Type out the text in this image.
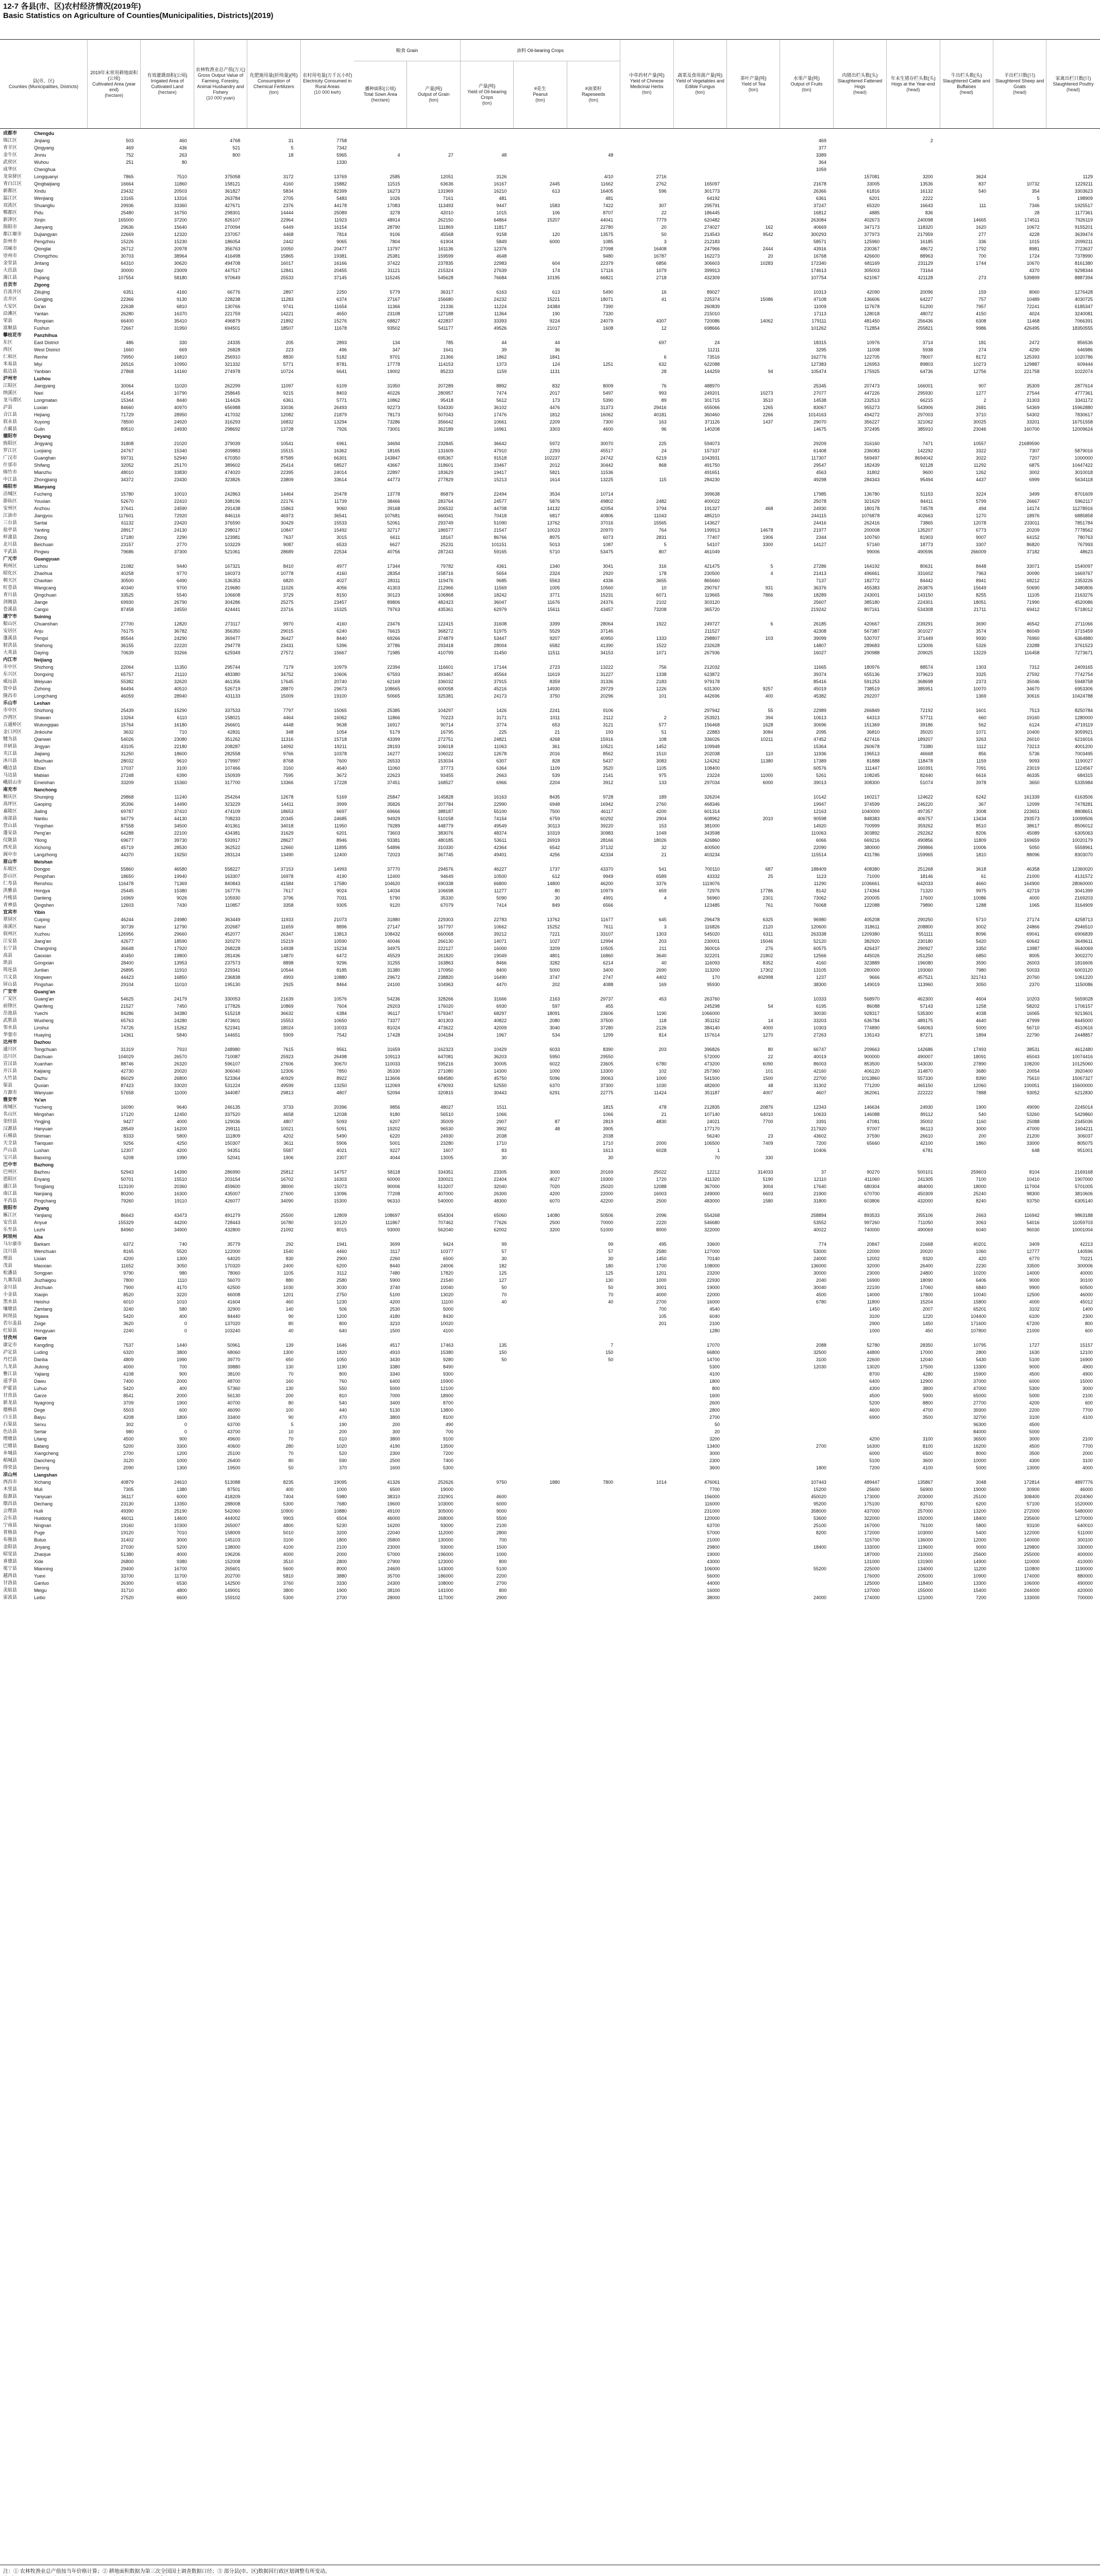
12-7 各县(市、区)农村经济情况(2019年)
Basic Statistics on Agriculture of Counties(Municipalities, Districts)(2019)
县(市、区)
Counties (Municipalities, Districts)
2019年末常用耕地面积(公顷)
Cultivated Area (year end)
(hectare)
有效灌溉面积(公顷)
Irrigated Area of Cultivated Land
(hectare)
农林牧渔业总产值(万元)
Gross Output Value of Farming, Forestry, Animal Husbandry and Fishery
(10 000 yuan)
化肥施用量(折纯量)(吨)
Consumption of Chemical Fertilizers
(ton)
农村用电量(万千瓦小时)
Electricity Consumed in Rural Areas
(10 000 kwh)
粮食 Grain
播种面积(公顷)
Total Sown Area
(hectare)
产量(吨)
Output of Grain
(ton)
油料 Oil-bearing Crops
产量(吨)
Yield of Oil-bearing Crops
(ton)
#花生
Peanut
(ton)
#油菜籽
Rapeseeds
(ton)
中草药材产量(吨)
Yield of Chinese Medicinal Herbs
(ton)
蔬菜及食用菌产量(吨)
Yield of Vegetables and Edible Fungus
(ton)
茶叶产量(吨)
Yield of Tea
(ton)
水果产量(吨)
Output of Fruits
(ton)
肉猪出栏头数(头)
Slaughtered Fattened Hogs
(head)
年末生猪存栏头数(头)
Hogs at the Year-end
(head)
牛出栏头数(头)
Slaughtered Cattle and Buffaloes
(head)
羊出栏只数(只)
Slaughtered Sheep and Goats
(head)
家禽出栏只数(只)
Slaughtered Poultry
(head)
成都市	Chengdu
锦江区	Jinjiang	503	460	4768	31	7758	469	2
青羊区	Qingyang	469	436	521	5	7342	377
金牛区	Jinniu	752	263	800	18	5965	4	27	48	48	3389
武侯区	Wuhou	251	80	1330	364
成华区	Chenghua	1059
龙泉驿区	Longquanyi	7865	7510	375058	3172	13769	2585	12051	3126	4/10	2716	157081	3200	3624	1129
青白江区	Qingbaijiang	16664	11860	158121	4160	15882	11515	63636	16167	2445	11662	2762	165097	21678	33005	13536	837	10732	1229211
新都区	Xindu	23432	20503	361827	5834	82399	16273	131969	16210	613	16405	596	301773	26366	61816	16132	540	354	3303623
温江区	Wenjiang	13165	13316	263784	2705	5483	1026	7161	481	481	64192	6361	6201	2222	5	198909
双流区	Shuangliu	29936	33360	427671	2376	44178	17083	113493	9447	1583	7422	307	295791	37247	65320	16643	111	7346	1925517
郫都区	Pidu	25480	16750	298301	14444	25089	3278	42010	1015	106	8707	22	186445	16812	4885	836	28	1177361
新津区	Xinjin	165000	37200	826107	22964	11923	48914	262150	64864	15207	44041	7779	620482	263084	402673	240098	14665	174511	7926119
简阳市	Jianyang	29636	15640	270094	6449	16154	28790	111869	11817	22780	20	274027	162	40669	347173	118320	1620	10672	9155201
都江堰市	Dujiangyan	22669	12320	237057	4468	7814	9106	45568	9158	120	13575	50	214543	9542	300293	377973	217959	277	4228	3639474
彭州市	Pengzhou	15226	15230	186054	2442	9065	7804	61904	5849	6000	1085	3	212183	58571	125960	16185	336	1015	2099211
邛崃市	Qionglai	26712	20978	356763	10050	20477	13797	161136	12376	27098	16408	247966	2444	43916	230367	48672	1792	8981	7723637
崇州市	Chongzhou	30703	38964	416498	15865	19381	25381	159599	4648	9480	16787	162273	20	16768	426600	88963	700	1724	7378990
金堂县	Jintang	64310	30620	494708	16017	16166	37422	237835	22983	604	22379	6856	306603	10283	172340	681169	231129	1744	10670	8161380
大邑县	Dayi	30000	23009	447517	12841	20455	31121	215324	27639	174	17116	1079	399913	174613	305003	73164	4370	9298344
蒲江县	Pujiang	107554	58180	970649	25533	37145	115245	545628	76684	10195	66821	2718	432309	107754	621067	421128	273	539899	8887394
自贡市	Zigong
自流井区	Ziliujing	6351	4160	66776	2897	2250	5779	36317	6163	613	5490	16	89027	10313	42090	20096	159	8060	1276428
贡井区	Gongjing	22366	9130	228238	11283	6374	27167	156680	24232	15221	18071	41	225374	15086	47108	136606	64227	757	10489	4030725
大安区	Da'an	22638	6810	130766	9741	11654	11366	21336	11224	24384	7390	260839	11009	117678	51200	7957	72241	6185347
沿滩区	Yantan	26280	16370	221759	14221	4650	23108	127188	11364	190	7330	215010	17113	128018	48072	4150	4024	3240081
荣县	Rongxian	66400	35410	496879	21892	15276	68827	422837	33393	9224	24079	4307	720086	14062	179111	481450	256436	6308	11468	7066391
富顺县	Fushun	72667	31950	694501	18507	11678	93502	541177	49526	21017	1608	12	698666	101262	712854	255821	9986	426495	18350555
攀枝花市	Panzhihua
东区	East District	486	330	24335	205	2893	134	785	44	44	697	24	18315	10976	3714	181	2472	856536
西区	West District	1660	669	26828	223	496	347	1641	39	36	11211	3295	11008	5938	274	4290	646986
仁和区	Renhe	79950	16810	256910	8830	5182	9701	21366	1862	1841	6	73516	162776	122705	78007	8172	125393	1020786
米易县	Miyi	26516	10950	321332	5771	8781	17778	114153	1373	124	1251	632	622088	127383	126953	89803	10273	129887	609444
盐边县	Yanbian	27868	14160	274978	10724	6641	19002	85233	1159	1131	28	144259	94	105474	175925	64736	12756	221758	1022074
泸州市	Luzhou
江阳区	Jiangyang	30064	11020	262299	11097	6109	31950	207289	8892	832	8009	76	488970	25345	207473	166001	907	35309	2877614
纳溪区	Naxi	41454	10790	258645	9215	8403	40226	280957	7474	2017	5497	993	249201	10273	27077	447226	295930	1277	27544	4777361
龙马潭区	Longmatan	15344	8440	114426	6361	5771	10862	95418	5612	173	5390	89	301715	3510	14538	232513	66215	2	31303	3341172
泸县	Luxian	84660	40970	656988	33036	26493	92273	534330	36102	4476	31373	29416	655066	1265	83067	955273	543906	2681	54369	15962880
合江县	Hejiang	71729	28950	417032	12082	21879	78173	507043	17476	1812	16062	40181	360460	2266	1014163	494272	297003	3710	54302	7830617
叙永县	Xuyong	78500	24920	316293	16832	13294	73286	356642	10661	2209	7300	163	371126	1437	29070	356227	321062	30025	33201	16751558
古蔺县	Gulin	89510	24930	298692	13728	7926	73001	362189	16961	3303	4600	96	140208	14675	372495	385910	23046	160700	12009624
德阳市	Deyang
旌阳区	Jingyang	31808	21020	379039	10541	6961	34694	232845	36642	5972	30070	225	594073	29209	316160	7471	10557	21689590
罗江区	Luojiang	24767	15340	209883	15515	16362	18165	131609	47910	2293	45517	24	157337	61408	236083	142292	3322	7307	5879016
广汉市	Guanghan	59731	52940	670350	87589	66301	143847	695367	91518	102237	24742	6219	1043931	117307	569497	8694042	3022	7207	1000000
什邡市	Shifang	32052	25170	389602	25414	58527	43667	318601	33467	2012	30442	868	491750	29547	182439	92128	11292	6875	10447422
绵竹市	Mianzhu	48010	33830	474020	22395	24014	22897	183629	19417	5821	11536	491651	4563	31802	9600	1262	3002	3010018
中江县	Zhongjiang	34372	23430	323826	23809	33614	44773	277829	15213	1614	13225	115	284230	49298	284343	95494	4437	6999	5634118
绵阳市	Mianyang
涪城区	Fucheng	15780	10010	242863	14464	20478	13778	86879	22494	3534	10714	399638	17985	136780	51153	3224	3499	8701609
游仙区	Youxian	52670	22410	338196	22176	11739	38466	283764	24577	5876	49802	2482	400022	25078	321629	84411	5799	26667	5962117
安州区	Anzhou	37641	24590	291438	15863	9060	39168	206532	44708	14132	42054	3794	191327	468	24930	180178	74578	494	14174	11278916
江油市	Jiangyou	117601	72920	846116	46973	36541	107681	660041	70418	6817	40806	11043	485210	244115	1076878	402663	1270	18976	6885858
三台县	Santai	61132	23420	376590	30429	15533	52061	293749	51090	13762	37016	15565	143627	24416	262416	73865	12078	233011	7851784
盐亭县	Yanting	28917	24130	298017	10847	15492	32717	186577	21547	10023	20970	764	199913	14678	21977	200008	135207	6773	20209	7778562
梓潼县	Zitong	17180	2290	123981	7637	3015	6611	18167	86766	8975	6073	2831	77407	1906	2344	100760	81903	9007	64152	780763
北川县	Beichuan	23157	2770	103229	9087	6533	6627	25231	101151	5013	1087	5	54107	3300	14127	57160	18773	3307	86820	767993
平武县	Pingwu	79686	37300	521061	28689	22534	40756	287243	59165	5710	53475	807	461049	99006	490596	266009	37182	48623
广元市	Guangyuan
利州区	Lizhou	21082	9440	167321	8410	4977	17344	79782	4361	1340	3041	316	421475	5	27286	164192	80631	8448	33071	1540097
昭化区	Zhaohua	40258	9770	160373	10778	4160	28354	158716	5654	2324	2920	178	230500	4	21413	496661	331602	7963	30090	1669767
朝天区	Chaotian	30500	6490	136353	6820	4027	28311	119476	9685	5563	4336	3655	865660	7137	182772	84442	8941	68212	2353226
旺苍县	Wangcang	40340	9700	219680	11026	4056	41303	212966	11569	1005	10560	10	290767	931	36376	455383	263876	15649	50690	3480806
青川县	Qingchuan	33525	5540	106608	3729	8150	30123	106868	18242	3771	15231	6071	119665	7866	18289	243001	143150	8255	11105	2163276
剑阁县	Jiange	69930	26790	304286	25275	23457	89806	482423	36047	11676	24376	2102	303120	25607	385180	224301	18051	71990	4520086
苍溪县	Cangxi	87458	24550	424441	23716	15325	79763	435361	62979	15611	43457	73208	365720	219242	807161	534308	21711	69412	5718012
遂宁市	Suining
船山区	Chuanshan	27700	12820	273117	9970	4160	23476	122415	31608	3399	28064	1922	249727	6	26185	420667	239291	3690	46542	2711066
安居区	Anju	76175	36782	356350	29015	6240	76615	368272	51975	5529	37146	211527	42308	567387	301027	3574	86049	3715459
蓬溪县	Pengxi	85544	24290	369477	36427	8440	69266	374879	53447	9207	40950	1333	298807	103	39099	530707	371449	9930	76960	6364880
射洪县	Shehong	36155	22220	294778	23431	5396	37786	293418	28004	6582	41390	1522	232628	14807	289683	123006	5326	23288	3761523
大英县	Daying	70639	33266	629349	27572	15667	71985	410799	31450	11511	34153	1071	267936	16027	290988	209025	13229	116458	7273671
内江市	Neijiang
市中区	Shizhong	22064	11350	295744	7179	10979	22394	116601	17144	2723	13222	756	212032	11665	180976	88574	1303	7312	2409165
东兴区	Dongxing	65757	21110	483380	34752	10606	67593	393467	45564	11619	31227	1338	623872	39374	655136	379623	3325	27592	7742754
威远县	Weiyuan	55382	32620	461356	17645	20740	62169	336032	37915	8359	31336	2183	979178	85416	591253	368698	2373	35046	5948758
资中县	Zizhong	84494	40510	526719	28870	29673	108665	600058	45216	14930	29729	1226	631300	9257	45019	738519	385951	10070	34670	6953306
隆昌市	Longchang	46059	28940	431133	15009	19100	50665	325381	24173	3750	20296	101	442696	400	45382	292207	1369	30616	10424788
乐山市	Leshan
市中区	Shizhong	25439	15290	337533	7797	15065	25385	104297	1426	2241	9106	297942	55	22989	266849	72192	1601	7513	8250784
沙湾区	Shawan	13264	6110	158021	4464	16062	11866	70223	3171	1011	2112	2	253921	394	10613	64313	57711	660	19160	1280000
五通桥区	Wutongqiao	15764	16180	266601	4448	9638	16917	90714	3774	653	3121	577	156468	1628	30696	151369	39186	562	6124	4719119
金口河区	Jinkouhe	3632	710	42831	348	1054	5179	16795	225	21	193	51	22883	3084	2095	36810	35020	1071	10400	3059921
犍为县	Qianwei	54026	23080	351262	11316	15718	43399	272751	24821	4268	15916	108	336026	10211	47452	427416	189207	3263	26010	6216016
井研县	Jingyan	43105	22180	208287	14092	19211	28193	106018	11063	361	10521	1452	109948	15364	260678	73380	1112	73213	4001200
夹江县	Jiajiang	31250	18600	282558	9766	10378	16277	106022	12678	2016	8562	1510	202038	110	11936	196513	46668	856	5736	7003495
沐川县	Muchuan	28032	9610	179997	8768	7600	26533	153034	6307	828	5437	3083	124262	11380	17389	81888	118478	1159	9093	1190027
峨边县	Ebian	17037	3100	107466	3160	4640	11060	37773	6364	1109	3520	1105	108400	60576	111447	160391	7091	23019	1224567
马边县	Mabian	27248	6390	150939	7595	3672	22623	93455	2663	539	2141	975	23224	11000	5261	108245	82440	6616	46335	684315
峨眉山市	Emeishan	33209	15360	317700	13366	17228	37451	168527	6966	2204	3912	133	297034	6000	39013	308300	51074	3978	3650	5335984
南充市	Nanchong
顺庆区	Shunqing	29868	11240	254264	12678	5169	25847	145828	16163	8435	9728	189	326204	10142	160217	124622	6242	161339	6163506
高坪区	Gaoping	35396	14490	323229	14411	3999	35826	207784	22990	6948	16942	2760	468346	19947	374599	246220	367	12099	7478281
嘉陵区	Jialing	69787	37410	474109	18653	6697	69666	388187	55100	7500	46117	4200	601314	12163	1040000	497357	3008	223651	8808651
南部县	Nanbu	94779	44130	708233	20345	24685	94929	510158	74154	6759	60292	2904	608962	2010	90598	848383	406757	13434	293573	10099506
营山县	Yingshan	87558	34500	401361	34018	11950	79289	448779	49549	30113	39220	153	381000	14920	700999	359262	8510	38617	8506012
蓬安县	Peng'an	64288	22100	434381	31629	6201	73603	383076	48374	10319	30983	1049	343598	110063	303892	292262	8206	45089	6305063
仪陇县	Yilong	69677	39730	593917	28627	8946	93381	480185	53611	26919	28166	18026	426860	6066	669216	490856	11809	169659	10020179
西充县	Xichong	45719	28530	362522	12660	11895	54896	310330	42364	6542	37132	32	400500	22090	380000	299866	10006	5050	5558961
阆中市	Langzhong	44370	19250	283124	13490	12400	72023	367745	49401	4256	42334	21	403234	115514	431786	159965	1810	88096	8303070
眉山市	Meishan
东坡区	Dongpo	55860	46580	558227	37153	14993	37770	294576	46227	1737	43370	541	700110	687	188409	408380	251268	3618	46358	12360020
彭山区	Pengshan	18650	19940	163307	16978	4190	12400	94649	10500	612	9949	6589	43332	25	1123	71000	18146	61	21000	4131572
仁寿县	Renshou	116478	71369	840843	41584	17580	104620	690338	66800	14800	46200	3376	1119076	11290	1036661	642033	4660	164900	28060000
洪雅县	Hongya	25445	15380	167776	7617	9024	14034	106698	11277	80	10979	659	72976	17786	8142	174364	71320	9975	42719	3041399
丹棱县	Danleng	16969	9026	105930	3796	7031	5790	35330	5090	30	4991	4	56960	2301	73062	200005	17600	10086	4000	2169203
青神县	Qingshen	12603	7430	110857	3358	9305	9120	67079	7414	849	6566	123485	761	76068	122088	79890	1288	1065	3164909
宜宾市	Yibin
翠屏区	Cuiping	46244	24980	363449	11933	21073	31880	229303	22783	13762	11677	645	296478	6325	96980	405208	290250	5710	27174	4258713
南溪区	Nanxi	30739	12790	202687	11659	8896	27147	167797	10662	15252	7611	3	116826	2120	120600	318611	208800	3002	24866	2946510
叙州区	Xuzhou	126956	29660	452077	26347	13813	108432	660068	39212	7221	33107	1303	545020	6311	263338	1209380	551111	8096	69041	6906839
江安县	Jiang'an	42677	18590	320270	15219	10590	40046	266130	14071	1027	12994	203	230001	15046	52120	382920	230180	5420	60642	3649611
长宁县	Changning	36648	17920	268228	14938	15234	34975	222127	16000	3209	10505	211	360016	276	60575	426437	290927	3350	13987	6640069
高县	Gaoxian	40450	19800	281436	14870	6472	45529	261820	19049	4801	16860	3640	322201	21802	12566	445026	251250	6850	8005	3002270
珙县	Gongxian	28400	13953	237573	8898	9296	31255	163863	8466	3282	6214	40	116093	8352	4160	323889	196080	3590	26003	1816606
筠连县	Junlian	26895	11910	229341	10544	8185	31380	170950	8400	5000	3400	2690	113200	17302	13105	280000	193060	7980	50033	6003120
兴文县	Xingwen	44423	16850	236838	4993	10880	29672	238820	16490	3747	2747	4402	170	402998	1237	9666	457521	321743	20760	1061220
屏山县	Pingshan	29104	11010	195130	2925	8464	24100	104963	4470	202	4088	169	95930	38300	149019	113960	3050	2370	1150086
广安市	Guang'an
广安区	Guang'an	54625	24179	330053	21639	10576	54236	328266	31666	2163	29737	453	263760	10333	568970	462300	4604	10203	5659028
前锋区	Qianfeng	21527	7450	177826	10869	7604	29203	176020	6930	597	455	245298	54	6195	86088	57143	1258	58202	1706157
岳池县	Yuechi	84286	34380	515218	36632	6384	96117	579347	68297	18091	23606	1190	1066000	30030	928317	535300	4038	16065	9213601
武胜县	Wusheng	65763	24280	473601	15553	10650	73377	401303	40822	2080	37500	118	351152	14	33203	636784	489175	4640	47999	8445000
邻水县	Linshui	74726	15262	521941	18024	10033	81024	473622	42009	3040	37280	2126	384140	4000	10303	774890	546063	5000	56710	4510616
华蓥市	Huaying	14361	5840	144651	5909	7542	17428	104184	1967	534	1299	814	157614	1270	27263	135143	87271	1894	22790	2448857
达州市	Dazhou
通川区	Tongchuan	31319	7910	248980	7615	9561	31659	162323	10429	6033	8390	203	396826	80	66747	209663	142686	17493	38531	4612480
达川区	Dachuan	104029	26570	710087	25923	26498	109113	647081	36203	5950	29550	572000	22	40019	900000	490007	18091	65043	10074416
宣汉县	Xuanhan	88746	26320	596107	27606	30670	110033	595216	30005	6022	23605	6780	473200	6090	86003	853500	543030	27890	108200	10125060
开江县	Kaijiang	42730	20020	306040	12306	7850	35330	271080	14300	1000	13300	102	257360	101	42160	406120	314870	3680	20054	3920400
大竹县	Dazhu	86029	26800	523364	40929	8922	113606	684580	45750	5096	39063	1000	541500	1500	22700	1013860	557330	8390	75610	15067327
渠县	Quxian	87423	33020	531224	49599	13250	112069	679093	52550	6370	37300	1030	482600	48	31302	771200	465150	12060	100051	15600000
万源市	Wanyuan	57658	11000	344087	29813	4807	52094	320815	30443	6291	22775	11424	351187	4007	4607	362061	222222	7888	93052	6212830
雅安市	Ya'an
雨城区	Yucheng	16090	9640	246135	3733	20396	9856	48027	1511	1815	478	212835	20876	12343	146634	24930	1900	49090	2245014
名山区	Mingshan	17120	12450	337520	4658	12038	9180	56510	1066	1066	21	107140	64010	10633	146088	89112	540	53260	5429860
荥经县	Yingjing	9427	4000	129036	4807	5093	6207	35009	2907	87	2819	4830	24021	7700	3391	47081	35002	1160	25088	2345036
汉源县	Hanyuan	28549	16200	299111	10021	5091	19202	96530	3902	48	3905	177170	217920	97007	86113	3000	47000	1604211
石棉县	Shimian	8333	5800	111809	4202	5490	6220	24930	2038	2038	56240	23	43602	37590	26610	200	21200	306037
天全县	Tianquan	9256	4250	150307	3611	5906	5001	23280	1710	1710	2000	106500	7409	7200	65660	42100	1860	33000	805075
芦山县	Lushan	12307	4200	94351	5587	4021	9227	1607	83	1613	6028	1	10406	6781	648	951001
宝兴县	Baoxing	6208	1990	52041	1906	2307	4044	13005	30	30	70	330
巴中市	Bazhong
巴州区	Bazhou	52943	14390	286990	25812	14757	58118	334351	23305	3000	20169	25022	12212	314033	37	90270	500101	259603	8104	2169168
恩阳区	Enyang	50701	15510	203154	16702	16303	60000	330021	22404	4027	19300	1720	411320	5190	12110	411060	241305	7100	10410	1907000
通江县	Tongjiang	113100	20360	459600	38000	15073	90006	513207	32040	7020	25020	12088	367000	3004	17640	680304	484000	18000	117004	5701005
南江县	Nanjiang	80200	16300	435007	27600	13096	77208	407000	26300	4200	22000	16003	249000	6603	21900	670700	450309	25240	98300	3810606
平昌县	Pingchang	79260	19110	426077	34090	15300	96310	540000	48300	6070	42200	2500	483000	1580	31800	603806	432000	8240	93750	6305140
资阳市	Ziyang
雁江区	Yanjiang	86643	43473	491279	25500	12809	108697	654304	65060	14080	50506	2096	554268	258894	893533	355106	2663	116942	9863188
安岳县	Anyue	155329	44200	728443	16780	10120	111867	707462	77626	2500	70000	2220	546680	53552	997260	711050	3063	54016	11059703
乐至县	Lezhi	84960	34900	432800	21092	8015	93000	562040	62002	3200	51000	8000	322000	40022	740000	490069	6040	96030	10001004
阿坝州	Aba
马尔康市	Barkam	6372	740	35779	292	1941	3699	9424	99	99	495	33600	774	20847	21668	40201	3409	42213
汶川县	Wenchuan	8165	5520	122000	1540	4460	3117	10377	57	57	2580	127000	53000	22000	20020	1060	12777	140596
理县	Lixian	4200	1300	64020	830	2900	2260	6500	30	30	1450	70140	24000	12002	9320	420	6770	70221
茂县	Maoxian	11652	3050	170320	2400	6200	8440	24006	182	180	1700	108000	136000	32000	26400	2230	33500	300006
松潘县	Songpan	9790	980	78060	1105	3112	7480	17820	125	125	1201	23200	30000	23000	24800	10200	14000	40000
九寨沟县	Jiuzhaigou	7800	1110	56070	880	2580	5900	21540	127	130	1000	22930	2040	16900	18090	6406	9000	30100
金川县	Jinchuan	7900	4170	62500	1030	3030	3740	10040	50	50	3001	19000	30040	22100	17060	6840	9900	60500
小金县	Xiaojin	8520	3220	66008	1201	2750	5100	13020	70	70	4000	22000	4500	14000	17800	10040	12500	46000
黑水县	Heishui	6010	1010	41604	460	1230	4200	11100	40	40	2700	16000	6780	11800	15204	15800	4000	45012
壤塘县	Zamtang	3240	580	32900	140	506	2530	5000	700	4540	1450	2007	65201	3102	1400
阿坝县	Ngawa	5420	400	84440	90	1200	4180	8430	105	6040	3100	1220	104400	6100	2300
若尔盖县	Zoige	3620	0	137020	80	800	3210	10020	201	2100	2900	1450	171600	67200	800
红原县	Hongyuan	2240	0	103240	40	640	1500	4100	1280	1000	450	107800	21000	600
甘孜州	Garze
康定市	Kangding	7537	1440	50961	139	1646	4517	17463	135	7	17070	2088	52780	28350	10795	1727	15157
泸定县	Luding	6320	3800	68060	1300	1820	4910	15380	150	150	66800	32500	44800	17000	2800	1630	12100
丹巴县	Danba	4809	1990	39770	650	1050	3430	9280	50	50	14700	3100	22600	12040	5430	5100	16900
九龙县	Jiulong	4000	700	39880	130	1190	3380	8490	5300	12030	13020	17500	13300	9000	4900
雅江县	Yajiang	4108	900	38100	70	800	3340	9300	4100	8700	4280	15900	4500	4900
道孚县	Dawu	7400	2000	48700	160	760	6400	15900	1800	6400	12900	37000	6000	15000
炉霍县	Luhuo	5420	400	57360	130	550	5000	12100	800	4300	3800	47000	5300	3000
甘孜县	Garze	8541	2000	56130	200	810	7000	18900	1600	4500	5900	65000	5000	2100
新龙县	Nyagrong	3709	1900	40700	80	540	3400	8700	2600	5200	8800	27700	4200	600
德格县	Dege	5503	600	46090	100	440	5130	13800	2800	4600	4700	39300	2200	7700
白玉县	Baiyu	4208	1800	33400	90	470	3800	8100	2700	6900	3500	32700	3100	4100
石渠县	Serxu	302	0	63700	5	190	200	490	50	96300	4500
色达县	Sertar	980	0	43700	10	200	300	700	20	84000	5000
理塘县	Litang	4500	900	49600	70	610	3800	9100	3200	4200	3100	36500	3000	2100
巴塘县	Batang	5200	3300	40600	280	1020	4190	13500	13400	2700	16300	8100	16200	4500	7700
乡城县	Xiangcheng	2700	1200	25100	70	520	2300	7200	3000	6000	6500	8000	3500	2000
稻城县	Daocheng	3120	1000	26400	80	590	2500	7400	2300	5100	3600	10000	4300	3100
得荣县	Derong	2090	1300	19500	50	370	1600	5300	3600	1800	7200	4100	5000	13000	4000
凉山州	Liangshan
西昌市	Xichang	40879	24610	513088	8235	19095	41326	252626	9750	1880	7800	1014	476061	107443	489447	135867	3048	172814	4897776
木里县	Muli	7305	1380	87501	400	1000	6500	19000	7700	15200	25600	56900	19000	30900	46000
盐源县	Yanyuan	36117	6000	418209	7404	5980	38310	232901	4600	156000	450020	173000	203000	25100	308400	2024060
德昌县	Dechang	23130	13350	288008	5300	7680	19600	103000	6000	116000	95200	175100	83700	6200	57100	1520000
会理县	Huili	49390	25190	542060	10900	10880	49100	305000	9000	231000	358000	437000	257000	13200	272000	5480000
会东县	Huidong	46011	14600	444002	9903	6504	46000	268000	5500	120000	53600	322000	192000	18400	235600	1270000
宁南县	Ningnan	19160	10300	265007	4800	5230	16200	93000	2100	63700	25100	167000	76100	5800	93100	640010
普格县	Puge	19120	7010	158009	5010	3200	22040	112000	2800	57000	8200	172000	103000	5400	122000	511000
布拖县	Butuo	31402	3000	145103	3100	1800	35800	130000	700	21000	115700	136000	12000	140000	300100
金阳县	Jinyang	27030	5200	138000	4100	2100	23000	93000	1500	29800	18400	133000	119600	9000	129800	330000
昭觉县	Zhaojue	51380	4000	196206	4000	2000	57000	196000	1000	19000	187000	210000	25600	255000	400000
喜德县	Xide	26800	9380	152008	3510	2800	27900	123000	800	43000	131000	131900	14900	110000	410000
冕宁县	Mianning	29400	16700	265601	5600	8000	24600	143000	5100	106000	55200	225000	134000	11200	110800	1190000
越西县	Yuexi	33700	11700	202700	5810	3880	35700	186000	2200	56000	176000	205000	10900	174000	880000
甘洛县	Ganluo	26300	6530	142500	3760	3330	24300	108000	2700	44000	125000	118400	13300	106000	490000
美姑县	Meigu	31710	4800	149001	3800	1900	38100	141000	800	16000	137000	155000	15400	244000	420000
雷波县	Leibo	27520	6600	159102	5300	2700	28000	117000	2900	38000	24000	174000	121000	7200	133000	700000
注：① 农林牧渔业总产值按当年价格计算；② 耕地面积数据为第三次全国国土调查数据口径；③ 部分县(市、区)数据因行政区划调整有所变动。
